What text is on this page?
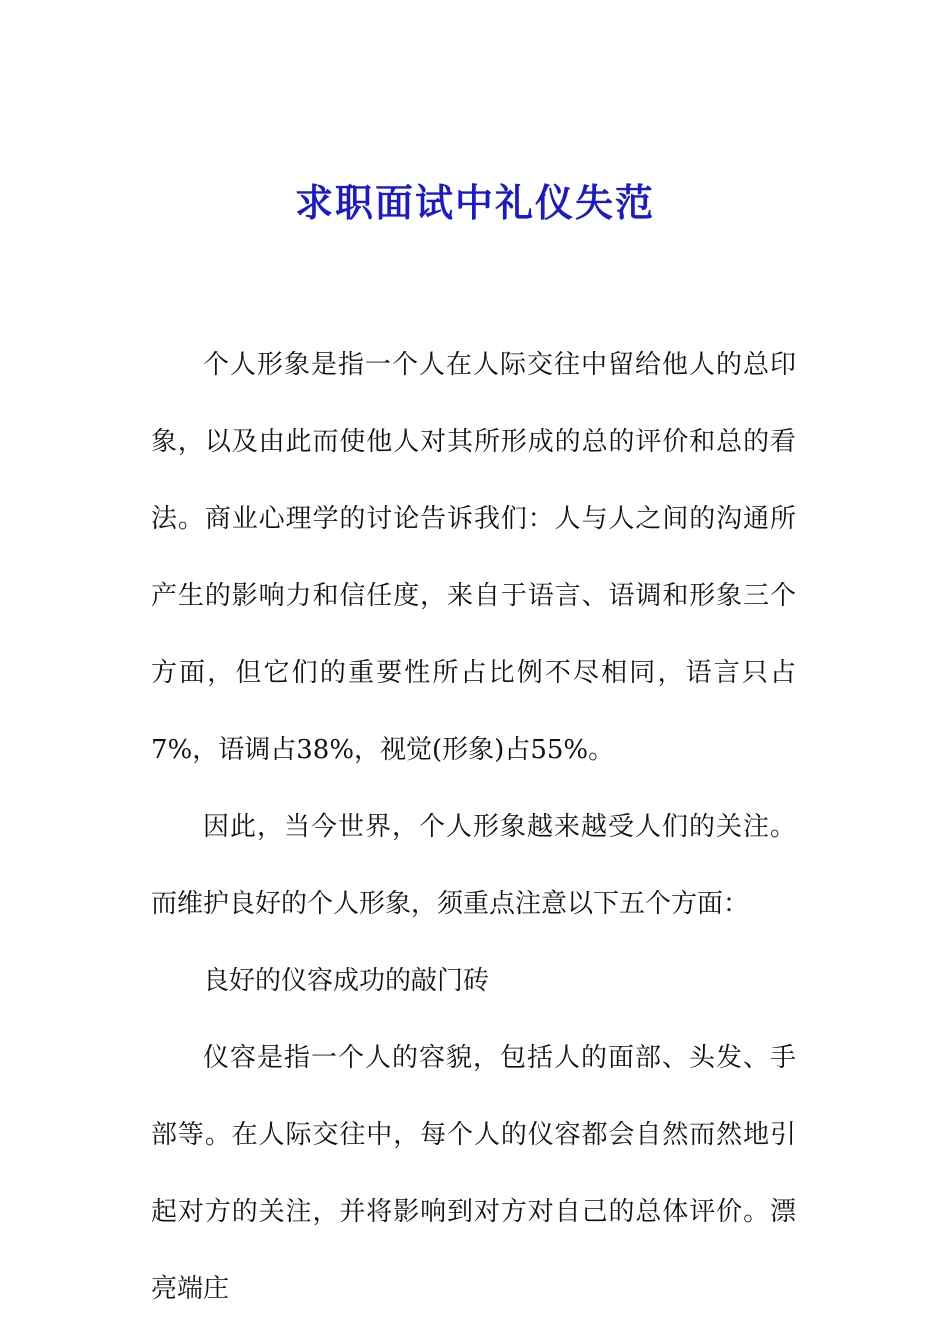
求职面试中礼仪失范

个人形象是指一个人在人际交往中留给他人的总印象，以及由此而使他人对其所形成的总的评价和总的看法。商业心理学的讨论告诉我们：人与人之间的沟通所产生的影响力和信任度，来自于语言、语调和形象三个方面，但它们的重要性所占比例不尽相同，语言只占7%，语调占38%，视觉(形象)占55%。

因此，当今世界，个人形象越来越受人们的关注。而维护良好的个人形象，须重点注意以下五个方面：

良好的仪容成功的敲门砖

仪容是指一个人的容貌，包括人的面部、头发、手部等。在人际交往中，每个人的仪容都会自然而然地引起对方的关注，并将影响到对方对自己的总体评价。漂亮端庄
